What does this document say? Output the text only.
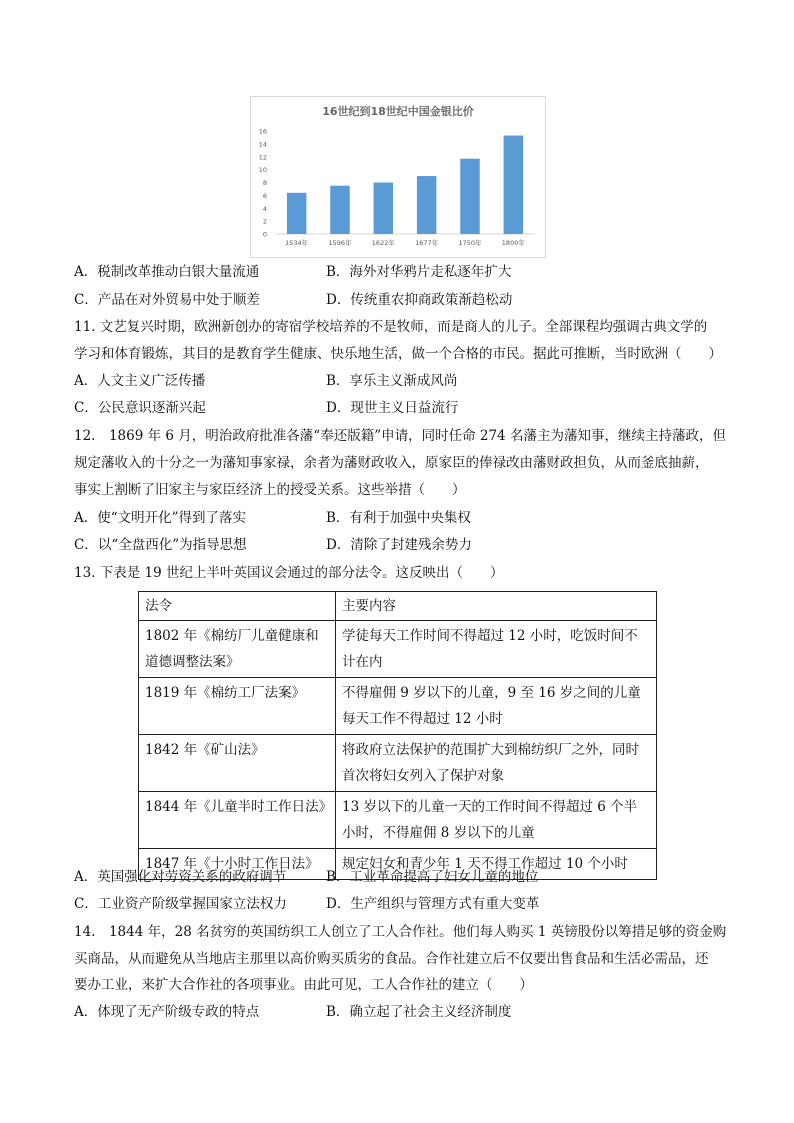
16世纪到18世纪中国金银比价
0
2
4
6
8
10
12
14
16
1534年	1596年	1622年	1677年	1750年	1800年
A．税制改革推动白银大量流通	B．海外对华鸦片走私逐年扩大
C．产品在对外贸易中处于顺差	D．传统重农抑商政策渐趋松动
11. 文艺复兴时期，欧洲新创办的寄宿学校培养的不是牧师，而是商人的儿子。全部课程均强调古典文学的
学习和体育锻炼，其目的是教育学生健康、快乐地生活，做一个合格的市民。据此可推断，当时欧洲（　　）
A．人文主义广泛传播	B．享乐主义渐成风尚
C．公民意识逐渐兴起	D．现世主义日益流行
12.　1869 年 6 月，明治政府批准各藩“奉还版籍”申请，同时任命 274 名藩主为藩知事，继续主持藩政，但
规定藩收入的十分之一为藩知事家禄，余者为藩财政收入，原家臣的俸禄改由藩财政担负，从而釜底抽薪，
事实上割断了旧家主与家臣经济上的授受关系。这些举措（　　）
A．使“文明开化”得到了落实	B．有利于加强中央集权
C．以“全盘西化”为指导思想	D．清除了封建残余势力
13. 下表是 19 世纪上半叶英国议会通过的部分法令。这反映出（　　）
法令	主要内容
1802 年《棉纺厂儿童健康和道德调整法案》	学徒每天工作时间不得超过 12 小时，吃饭时间不计在内
1819 年《棉纺工厂法案》	不得雇佣 9 岁以下的儿童，9 至 16 岁之间的儿童每天工作不得超过 12 小时
1842 年《矿山法》	将政府立法保护的范围扩大到棉纺织厂之外，同时首次将妇女列入了保护对象
1844 年《儿童半时工作日法》	13 岁以下的儿童一天的工作时间不得超过 6 个半小时，不得雇佣 8 岁以下的儿童
1847 年《十小时工作日法》	规定妇女和青少年 1 天不得工作超过 10 个小时
A．英国强化对劳资关系的政府调节	B．工业革命提高了妇女儿童的地位
C．工业资产阶级掌握国家立法权力	D．生产组织与管理方式有重大变革
14.　1844 年，28 名贫穷的英国纺织工人创立了工人合作社。他们每人购买 1 英镑股份以筹措足够的资金购
买商品，从而避免从当地店主那里以高价购买质劣的食品。合作社建立后不仅要出售食品和生活必需品，还
要办工业，来扩大合作社的各项事业。由此可见，工人合作社的建立（　　）
A．体现了无产阶级专政的特点	B．确立起了社会主义经济制度
